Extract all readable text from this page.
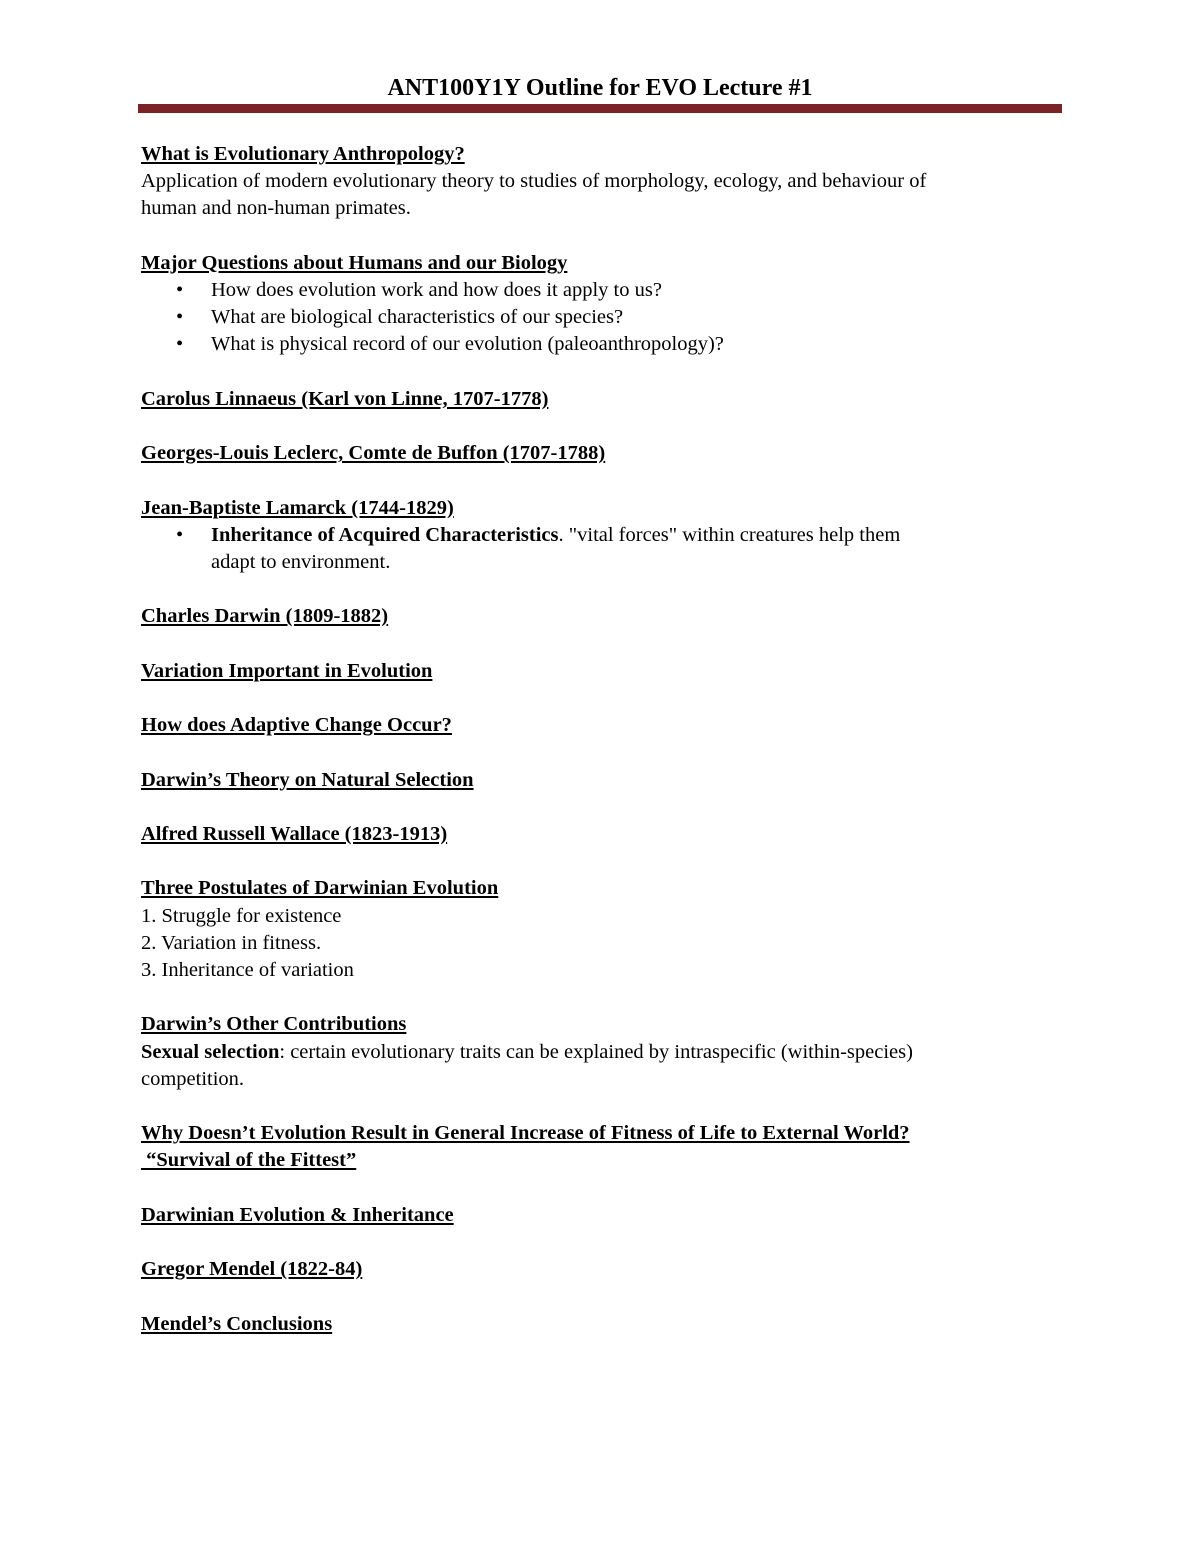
ANT100Y1Y Outline for EVO Lecture #1
What is Evolutionary Anthropology?
Application of modern evolutionary theory to studies of morphology, ecology, and behaviour of
human and non-human primates.
Major Questions about Humans and our Biology
• How does evolution work and how does it apply to us?
• What are biological characteristics of our species?
• What is physical record of our evolution (paleoanthropology)?
Carolus Linnaeus (Karl von Linne, 1707-1778)
Georges-Louis Leclerc, Comte de Buffon (1707-1788)
Jean-Baptiste Lamarck (1744-1829)
• Inheritance of Acquired Characteristics. "vital forces" within creatures help them
adapt to environment.
Charles Darwin (1809-1882)
Variation Important in Evolution
How does Adaptive Change Occur?
Darwin’s Theory on Natural Selection
Alfred Russell Wallace (1823-1913)
Three Postulates of Darwinian Evolution
1. Struggle for existence
2. Variation in fitness.
3. Inheritance of variation
Darwin’s Other Contributions
Sexual selection: certain evolutionary traits can be explained by intraspecific (within-species)
competition.
Why Doesn’t Evolution Result in General Increase of Fitness of Life to External World?
“Survival of the Fittest”
Darwinian Evolution & Inheritance
Gregor Mendel (1822-84)
Mendel’s Conclusions
